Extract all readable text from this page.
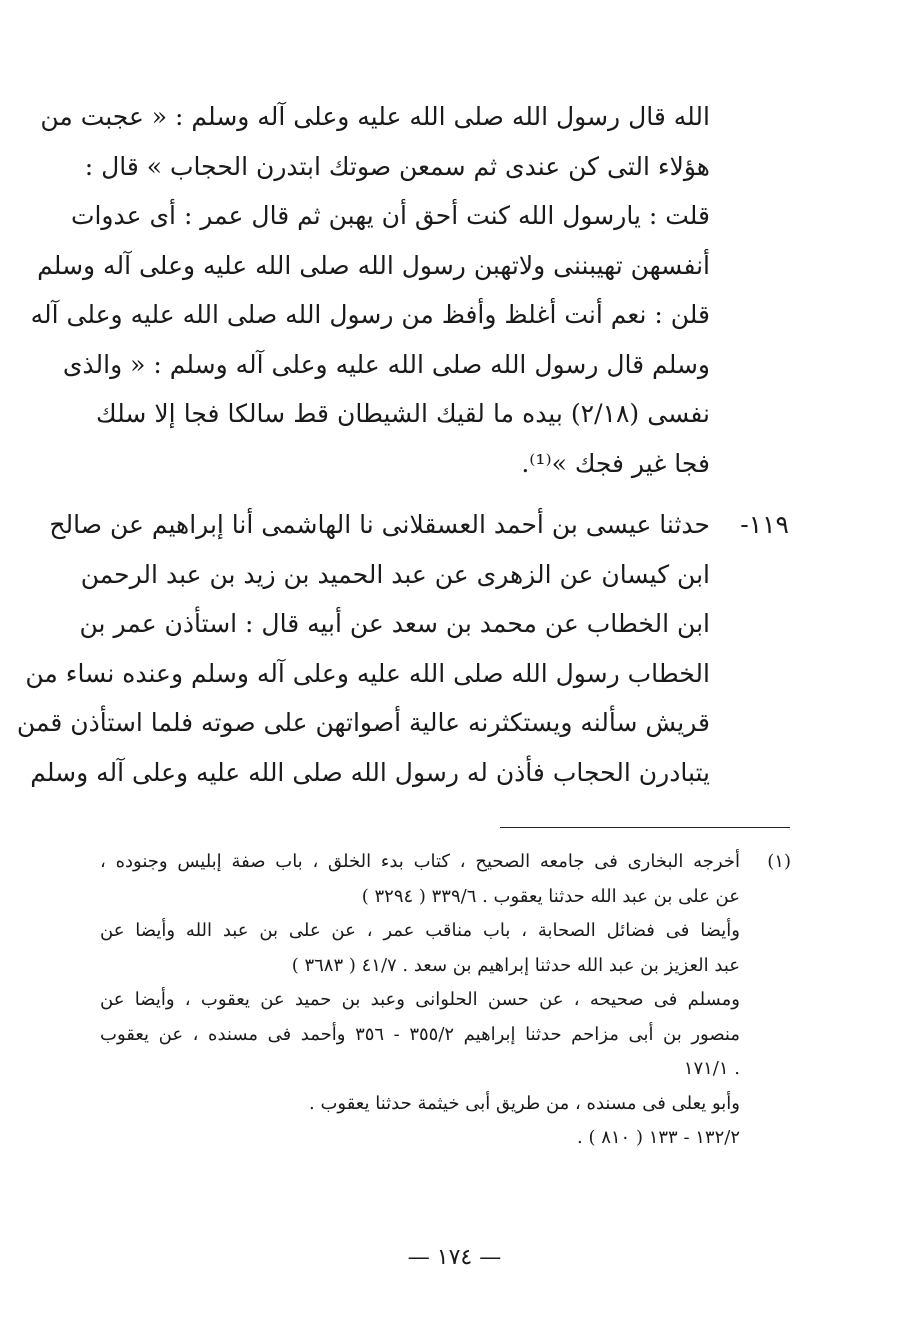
الله قال رسول الله صلى الله عليه وعلى آله وسلم : « عجبت من
هؤلاء التى كن عندى ثم سمعن صوتك ابتدرن الحجاب » قال :
قلت : يارسول الله كنت أحق أن يهبن ثم قال عمر : أى عدوات
أنفسهن تهيبننى ولاتهبن رسول الله صلى الله عليه وعلى آله وسلم
قلن : نعم أنت أغلظ وأفظ من رسول الله صلى الله عليه وعلى آله
وسلم قال رسول الله صلى الله عليه وعلى آله وسلم : « والذى
نفسى (٢/١٨) بيده ما لقيك الشيطان قط سالكا فجا إلا سلك
فجا غير فجك »⁽¹⁾.
١١٩-
حدثنا عيسى بن أحمد العسقلانى نا الهاشمى أنا إبراهيم عن صالح
ابن كيسان عن الزهرى عن عبد الحميد بن زيد بن عبد الرحمن
ابن الخطاب عن محمد بن سعد عن أبيه قال : استأذن عمر بن
الخطاب رسول الله صلى الله عليه وعلى آله وسلم وعنده نساء من
قريش سألنه ويستكثرنه عالية أصواتهن على صوته فلما استأذن قمن
يتبادرن الحجاب فأذن له رسول الله صلى الله عليه وعلى آله وسلم
(١)
أخرجه البخارى فى جامعه الصحيح ، كتاب بدء الخلق ، باب صفة إبليس وجنوده ،
عن على بن عبد الله حدثنا يعقوب . ٣٣٩/٦ ( ٣٢٩٤ )
وأيضا فى فضائل الصحابة ، باب مناقب عمر ، عن على بن عبد الله وأيضا عن
عبد العزيز بن عبد الله حدثنا إبراهيم بن سعد . ٤١/٧ ( ٣٦٨٣ )
ومسلم فى صحيحه ، عن حسن الحلوانى وعبد بن حميد عن يعقوب ، وأيضا عن
منصور بن أبى مزاحم حدثنا إبراهيم ٣٥٥/٢ - ٣٥٦ وأحمد فى مسنده ، عن يعقوب
. ١٧١/١
وأبو يعلى فى مسنده ، من طريق أبى خيثمة حدثنا يعقوب .
١٣٢/٢ - ١٣٣ ( ٨١٠ ) .
— ١٧٤ —
